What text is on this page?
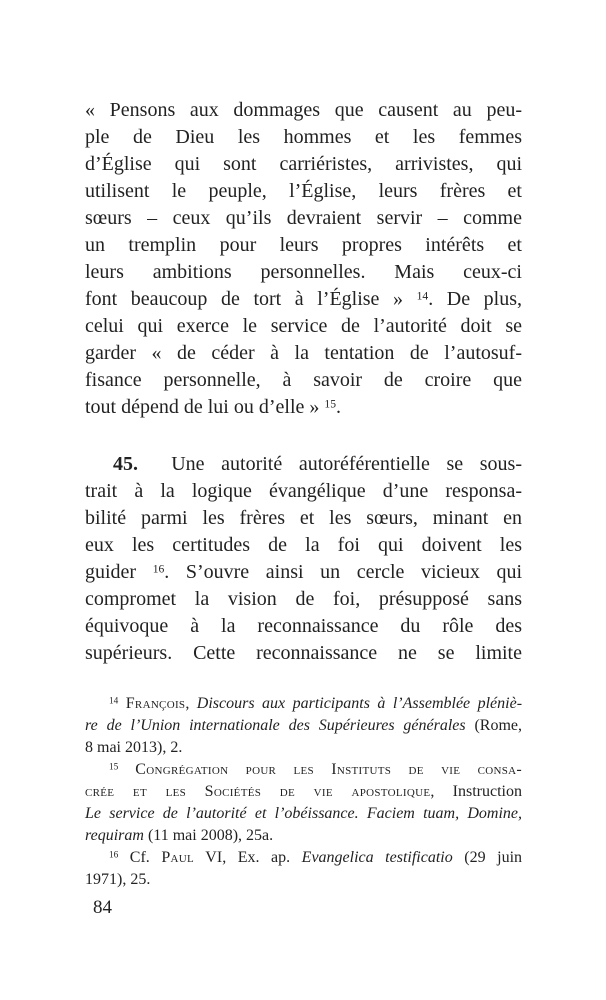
« Pensons aux dommages que causent au peu-
ple de Dieu les hommes et les femmes
d’Église qui sont carriéristes, arrivistes, qui
utilisent le peuple, l’Église, leurs frères et
sœurs – ceux qu’ils devraient servir – comme
un tremplin pour leurs propres intérêts et
leurs ambitions personnelles. Mais ceux-ci
font beaucoup de tort à l’Église » $^{14}$. De plus,
celui qui exerce le service de l’autorité doit se
garder « de céder à la tentation de l’autosuf-
fisance personnelle, à savoir de croire que
tout dépend de lui ou d’elle » $^{15}$.
45.  Une autorité autoréférentielle se sous-
trait à la logique évangélique d’une responsa-
bilité parmi les frères et les sœurs, minant en
eux les certitudes de la foi qui doivent les
guider $^{16}$. S’ouvre ainsi un cercle vicieux qui
compromet la vision de foi, présupposé sans
équivoque à la reconnaissance du rôle des
supérieurs. Cette reconnaissance ne se limite
$^{14}$ François, Discours aux participants à l’Assemblée pléniè-
re de l’Union internationale des Supérieures générales (Rome,
8 mai 2013), 2.
$^{15}$ Congrégation pour les Instituts de vie consa-
crée et les Sociétés de vie apostolique, Instruction
Le service de l’autorité et l’obéissance. Faciem tuam, Domine,
requiram (11 mai 2008), 25a.
$^{16}$ Cf. Paul VI, Ex. ap. Evangelica testificatio (29 juin
1971), 25.
84
